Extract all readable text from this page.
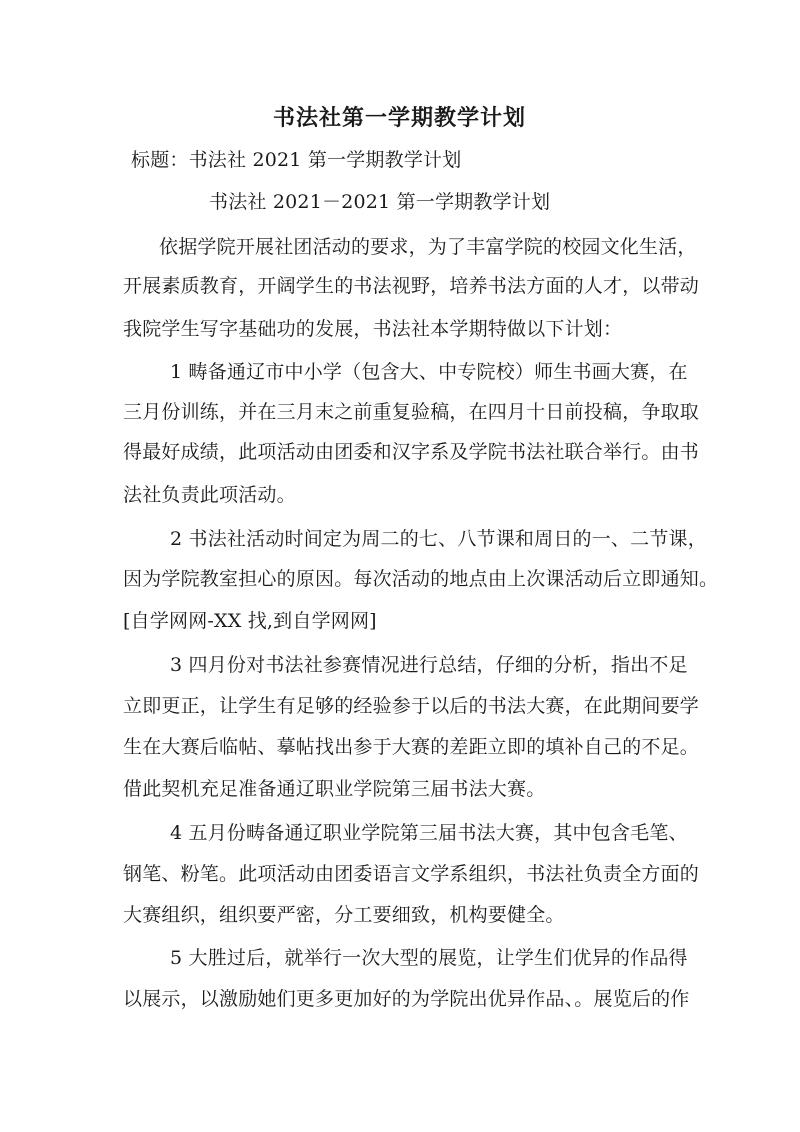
书法社第一学期教学计划
标题：书法社 2021 第一学期教学计划
书法社 2021－2021 第一学期教学计划
依据学院开展社团活动的要求，为了丰富学院的校园文化生活，
开展素质教育，开阔学生的书法视野，培养书法方面的人才，以带动
我院学生写字基础功的发展，书法社本学期特做以下计划：
1 畴备通辽市中小学（包含大、中专院校）师生书画大赛，在
三月份训练，并在三月末之前重复验稿，在四月十日前投稿，争取取
得最好成绩，此项活动由团委和汉字系及学院书法社联合举行。由书
法社负责此项活动。
2 书法社活动时间定为周二的七、八节课和周日的一、二节课，
因为学院教室担心的原因。每次活动的地点由上次课活动后立即通知。
[自学网网-XX 找,到自学网网]
3 四月份对书法社参赛情况进行总结，仔细的分析，指出不足
立即更正，让学生有足够的经验参于以后的书法大赛，在此期间要学
生在大赛后临帖、摹帖找出参于大赛的差距立即的填补自己的不足。
借此契机充足准备通辽职业学院第三届书法大赛。
4 五月份畴备通辽职业学院第三届书法大赛，其中包含毛笔、
钢笔、粉笔。此项活动由团委语言文学系组织，书法社负责全方面的
大赛组织，组织要严密，分工要细致，机构要健全。
5 大胜过后，就举行一次大型的展览，让学生们优异的作品得
以展示，以激励她们更多更加好的为学院出优异作品、。展览后的作
